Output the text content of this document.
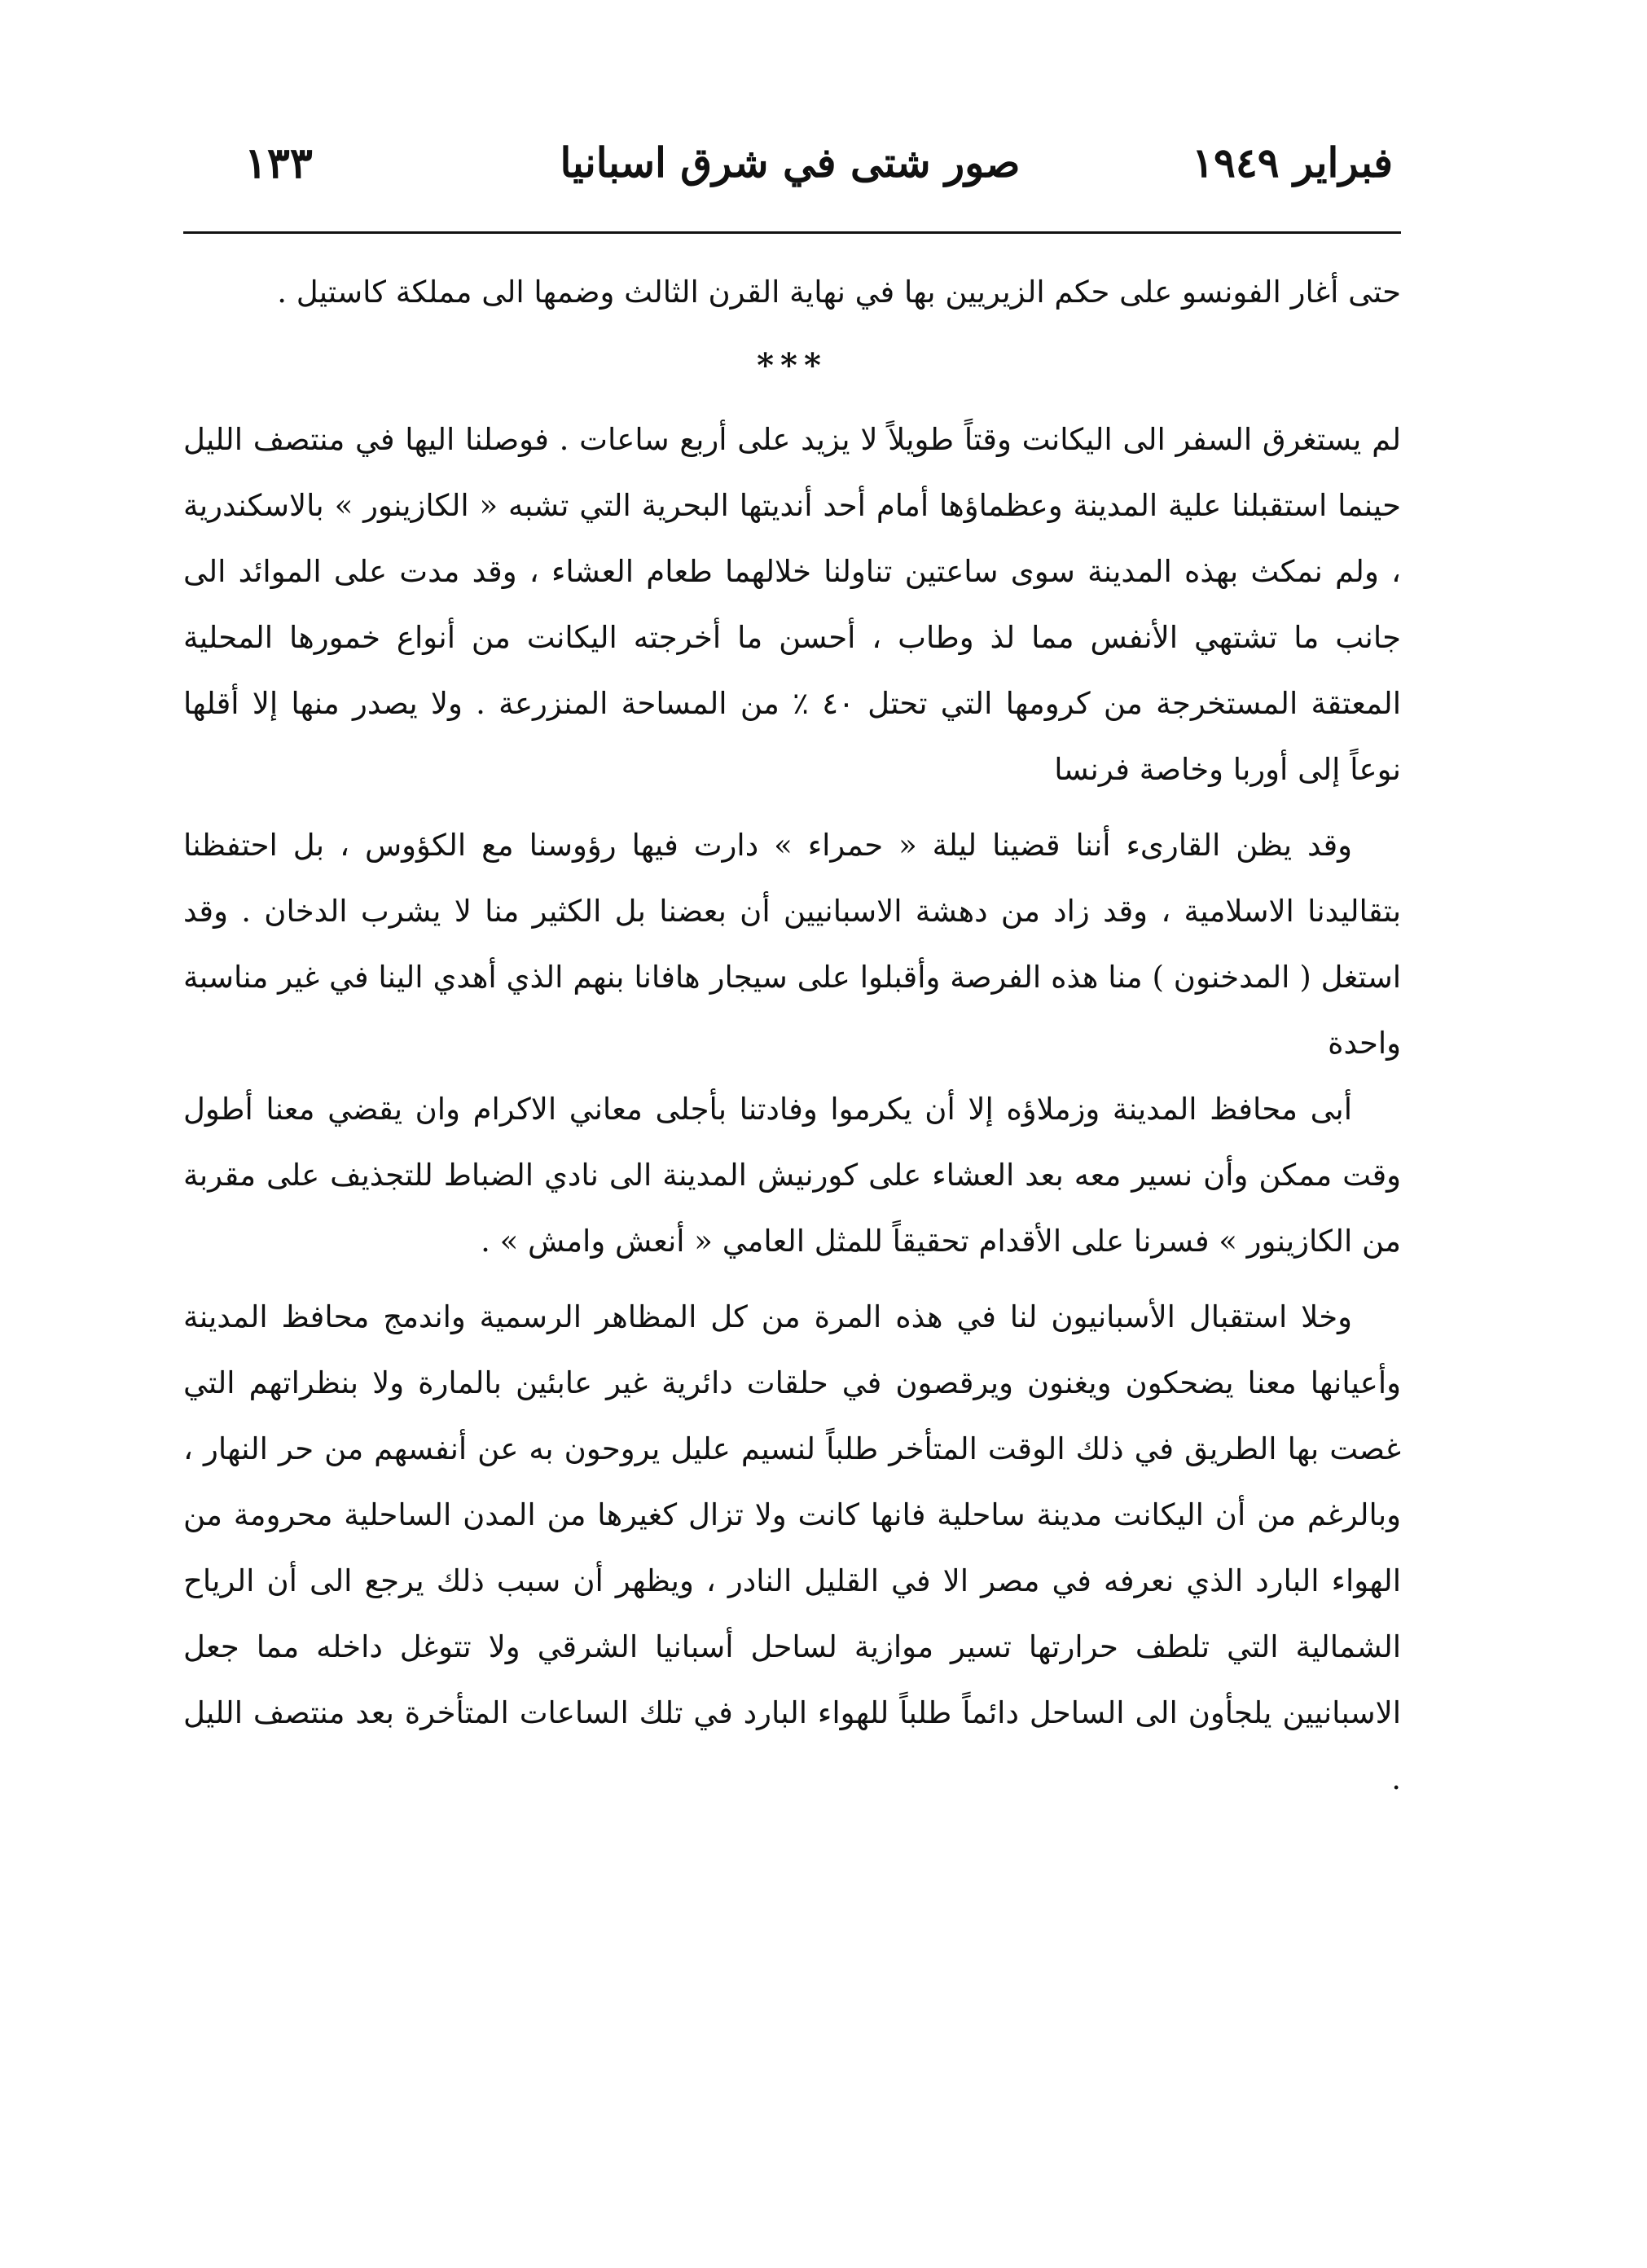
فبراير ١٩٤٩
صور شتى في شرق اسبانيا
١٣٣

حتى أغار الفونسو على حكم الزيريين بها في نهاية القرن الثالث وضمها الى مملكة كاستيل .

***

لم يستغرق السفر الى اليكانت وقتاً طويلاً لا يزيد على أربع ساعات . فوصلنا اليها في منتصف الليل حينما استقبلنا علية المدينة وعظماؤها أمام أحد أنديتها البحرية التي تشبه « الكازينور » بالاسكندرية ، ولم نمكث بهذه المدينة سوى ساعتين تناولنا خلالهما طعام العشاء ، وقد مدت على الموائد الى جانب ما تشتهي الأنفس مما لذ وطاب ، أحسن ما أخرجته اليكانت من أنواع خمورها المحلية المعتقة المستخرجة من كرومها التي تحتل ٤٠ ٪ من المساحة المنزرعة . ولا يصدر منها إلا أقلها نوعاً إلى أوربا وخاصة فرنسا

وقد يظن القارىء أننا قضينا ليلة « حمراء » دارت فيها رؤوسنا مع الكؤوس ، بل احتفظنا بتقاليدنا الاسلامية ، وقد زاد من دهشة الاسبانيين أن بعضنا بل الكثير منا لا يشرب الدخان . وقد استغل ( المدخنون ) منا هذه الفرصة وأقبلوا على سيجار هافانا بنهم الذي أهدي الينا في غير مناسبة واحدة

أبى محافظ المدينة وزملاؤه إلا أن يكرموا وفادتنا بأجلى معاني الاكرام وان يقضي معنا أطول وقت ممكن وأن نسير معه بعد العشاء على كورنيش المدينة الى نادي الضباط للتجذيف على مقربة من الكازينور » فسرنا على الأقدام تحقيقاً للمثل العامي « أنعش وامش » .

وخلا استقبال الأسبانيون لنا في هذه المرة من كل المظاهر الرسمية واندمج محافظ المدينة وأعيانها معنا يضحكون ويغنون ويرقصون في حلقات دائرية غير عابئين بالمارة ولا بنظراتهم التي غصت بها الطريق في ذلك الوقت المتأخر طلباً لنسيم عليل يروحون به عن أنفسهم من حر النهار ، وبالرغم من أن اليكانت مدينة ساحلية فانها كانت ولا تزال كغيرها من المدن الساحلية محرومة من الهواء البارد الذي نعرفه في مصر الا في القليل النادر ، ويظهر أن سبب ذلك يرجع الى أن الرياح الشمالية التي تلطف حرارتها تسير موازية لساحل أسبانيا الشرقي ولا تتوغل داخله مما جعل الاسبانيين يلجأون الى الساحل دائماً طلباً للهواء البارد في تلك الساعات المتأخرة بعد منتصف الليل .
